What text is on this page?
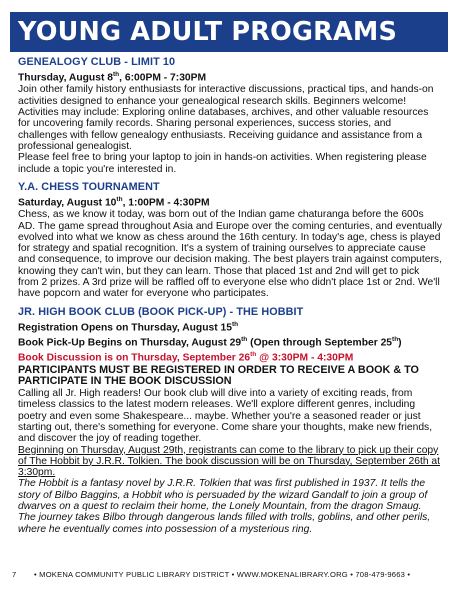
YOUNG ADULT PROGRAMS
GENEALOGY CLUB - LIMIT 10
Thursday, August 8th, 6:00PM - 7:30PM

Join other family history enthusiasts for interactive discussions, practical tips, and hands-on activities designed to enhance your genealogical research skills. Beginners welcome! Activities may include: Exploring online databases, archives, and other valuable resources for uncovering family records. Sharing personal experiences, success stories, and challenges with fellow genealogy enthusiasts. Receiving guidance and assistance from a professional genealogist.

Please feel free to bring your laptop to join in hands-on activities. When registering please include a topic you're interested in.

Y.A. CHESS TOURNAMENT
Saturday, August 10th, 1:00PM - 4:30PM

Chess, as we know it today, was born out of the Indian game chaturanga before the 600s AD. The game spread throughout Asia and Europe over the coming centuries, and eventually evolved into what we know as chess around the 16th century. In today's age, chess is played for strategy and spatial recognition. It's a system of training ourselves to appreciate cause and consequence, to improve our decision making. The best players train against computers, knowing they can't win, but they can learn. Those that placed 1st and 2nd will get to pick from 2 prizes. A 3rd prize will be raffled off to everyone else who didn't place 1st or 2nd. We'll have popcorn and water for everyone who participates.

JR. HIGH BOOK CLUB (BOOK PICK-UP) - THE HOBBIT
Registration Opens on Thursday, August 15th
Book Pick-Up Begins on Thursday, August 29th (Open through September 25th)
Book Discussion is on Thursday, September 26th @ 3:30PM - 4:30PM

PARTICIPANTS MUST BE REGISTERED IN ORDER TO RECEIVE A BOOK & TO PARTICIPATE IN THE BOOK DISCUSSION

Calling all Jr. High readers! Our book club will dive into a variety of exciting reads, from timeless classics to the latest modern releases. We'll explore different genres, including poetry and even some Shakespeare... maybe. Whether you're a seasoned reader or just starting out, there's something for everyone. Come share your thoughts, make new friends, and discover the joy of reading together.

Beginning on Thursday, August 29th, registrants can come to the library to pick up their copy of The Hobbit by J.R.R. Tolkien. The book discussion will be on Thursday, September 26th at 3:30pm.

The Hobbit is a fantasy novel by J.R.R. Tolkien that was first published in 1937. It tells the story of Bilbo Baggins, a Hobbit who is persuaded by the wizard Gandalf to join a group of dwarves on a quest to reclaim their home, the Lonely Mountain, from the dragon Smaug. The journey takes Bilbo through dangerous lands filled with trolls, goblins, and other perils, where he eventually comes into possession of a mysterious ring.

7 • MOKENA COMMUNITY PUBLIC LIBRARY DISTRICT • WWW.MOKENALIBRARY.ORG • 708-479-9663 •
